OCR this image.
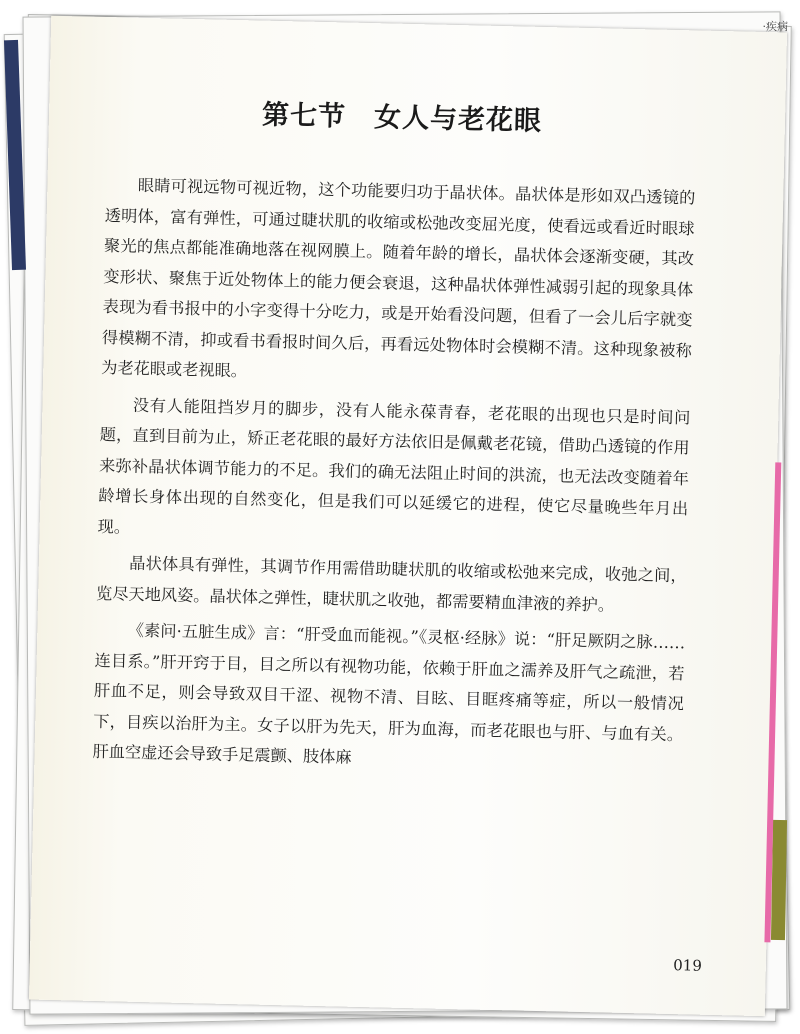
·疾病
第七节　女人与老花眼

眼睛可视远物可视近物，这个功能要归功于晶状体。晶状体是形如双凸透镜的透明体，富有弹性，可通过睫状肌的收缩或松弛改变屈光度，使看远或看近时眼球聚光的焦点都能准确地落在视网膜上。随着年龄的增长，晶状体会逐渐变硬，其改变形状、聚焦于近处物体上的能力便会衰退，这种晶状体弹性减弱引起的现象具体表现为看书报中的小字变得十分吃力，或是开始看没问题，但看了一会儿后字就变得模糊不清，抑或看书看报时间久后，再看远处物体时会模糊不清。这种现象被称为老花眼或老视眼。

没有人能阻挡岁月的脚步，没有人能永葆青春，老花眼的出现也只是时间问题，直到目前为止，矫正老花眼的最好方法依旧是佩戴老花镜，借助凸透镜的作用来弥补晶状体调节能力的不足。我们的确无法阻止时间的洪流，也无法改变随着年龄增长身体出现的自然变化，但是我们可以延缓它的进程，使它尽量晚些年月出现。

晶状体具有弹性，其调节作用需借助睫状肌的收缩或松弛来完成，收弛之间，览尽天地风姿。晶状体之弹性，睫状肌之收弛，都需要精血津液的养护。

《素问·五脏生成》言：“肝受血而能视。”《灵枢·经脉》说：“肝足厥阴之脉……连目系。”肝开窍于目，目之所以有视物功能，依赖于肝血之濡养及肝气之疏泄，若肝血不足，则会导致双目干涩、视物不清、目眩、目眶疼痛等症，所以一般情况下，目疾以治肝为主。女子以肝为先天，肝为血海，而老花眼也与肝、与血有关。肝血空虚还会导致手足震颤、肢体麻

019
